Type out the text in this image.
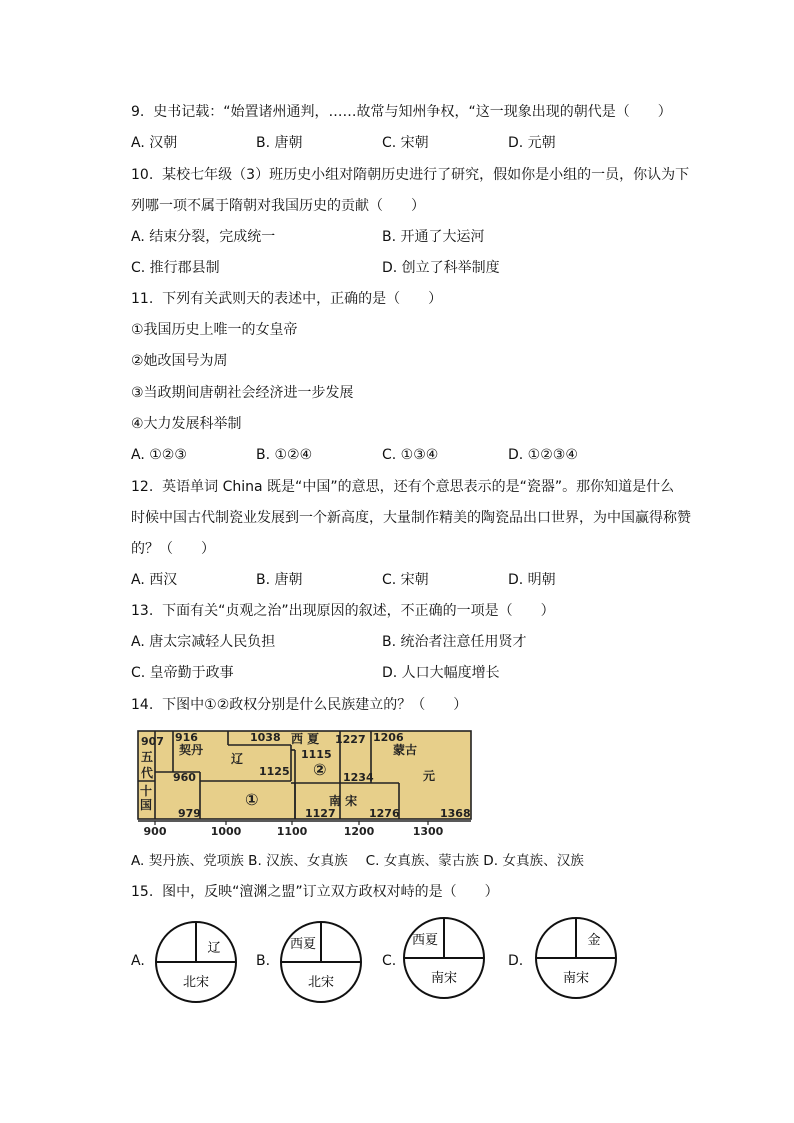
9. 史书记载：“始置诸州通判，……故常与知州争权，“这一现象出现的朝代是（　　）
A. 汉朝	B. 唐朝	C. 宋朝	D. 元朝
10. 某校七年级（3）班历史小组对隋朝历史进行了研究，假如你是小组的一员，你认为下
列哪一项不属于隋朝对我国历史的贡献（　　）
A. 结束分裂，完成统一	B. 开通了大运河
C. 推行郡县制	D. 创立了科举制度
11. 下列有关武则天的表述中，正确的是（　　）
①我国历史上唯一的女皇帝
②她改国号为周
③当政期间唐朝社会经济进一步发展
④大力发展科举制
A. ①②③	B. ①②④	C. ①③④	D. ①②③④
12. 英语单词 China 既是“中国”的意思，还有个意思表示的是“瓷器”。那你知道是什么
时候中国古代制瓷业发展到一个新高度，大量制作精美的陶瓷品出口世界，为中国赢得称赞
的？（　　）
A. 西汉	B. 唐朝	C. 宋朝	D. 明朝
13. 下面有关“贞观之治”出现原因的叙述，不正确的一项是（　　）
A. 唐太宗减轻人民负担	B. 统治者注意任用贤才
C. 皇帝勤于政事	D. 人口大幅度增长
14. 下图中①②政权分别是什么民族建立的？（　　）
907 916
契丹
1038 西 夏 1227 1206
蒙古
五
代
辽	1115
②
1125
960	1234	元
十
国	①	南 宋
979	1127	1276	1368
900	1000	1100	1200	1300
A. 契丹族、党项族 B. 汉族、女真族　 C. 女真族、蒙古族 D. 女真族、汉族
15. 图中，反映“澶渊之盟”订立双方政权对峙的是（　　）
A.
辽
北宋
B.
西夏
北宋
C.
西夏
南宋
D.
金
南宋
